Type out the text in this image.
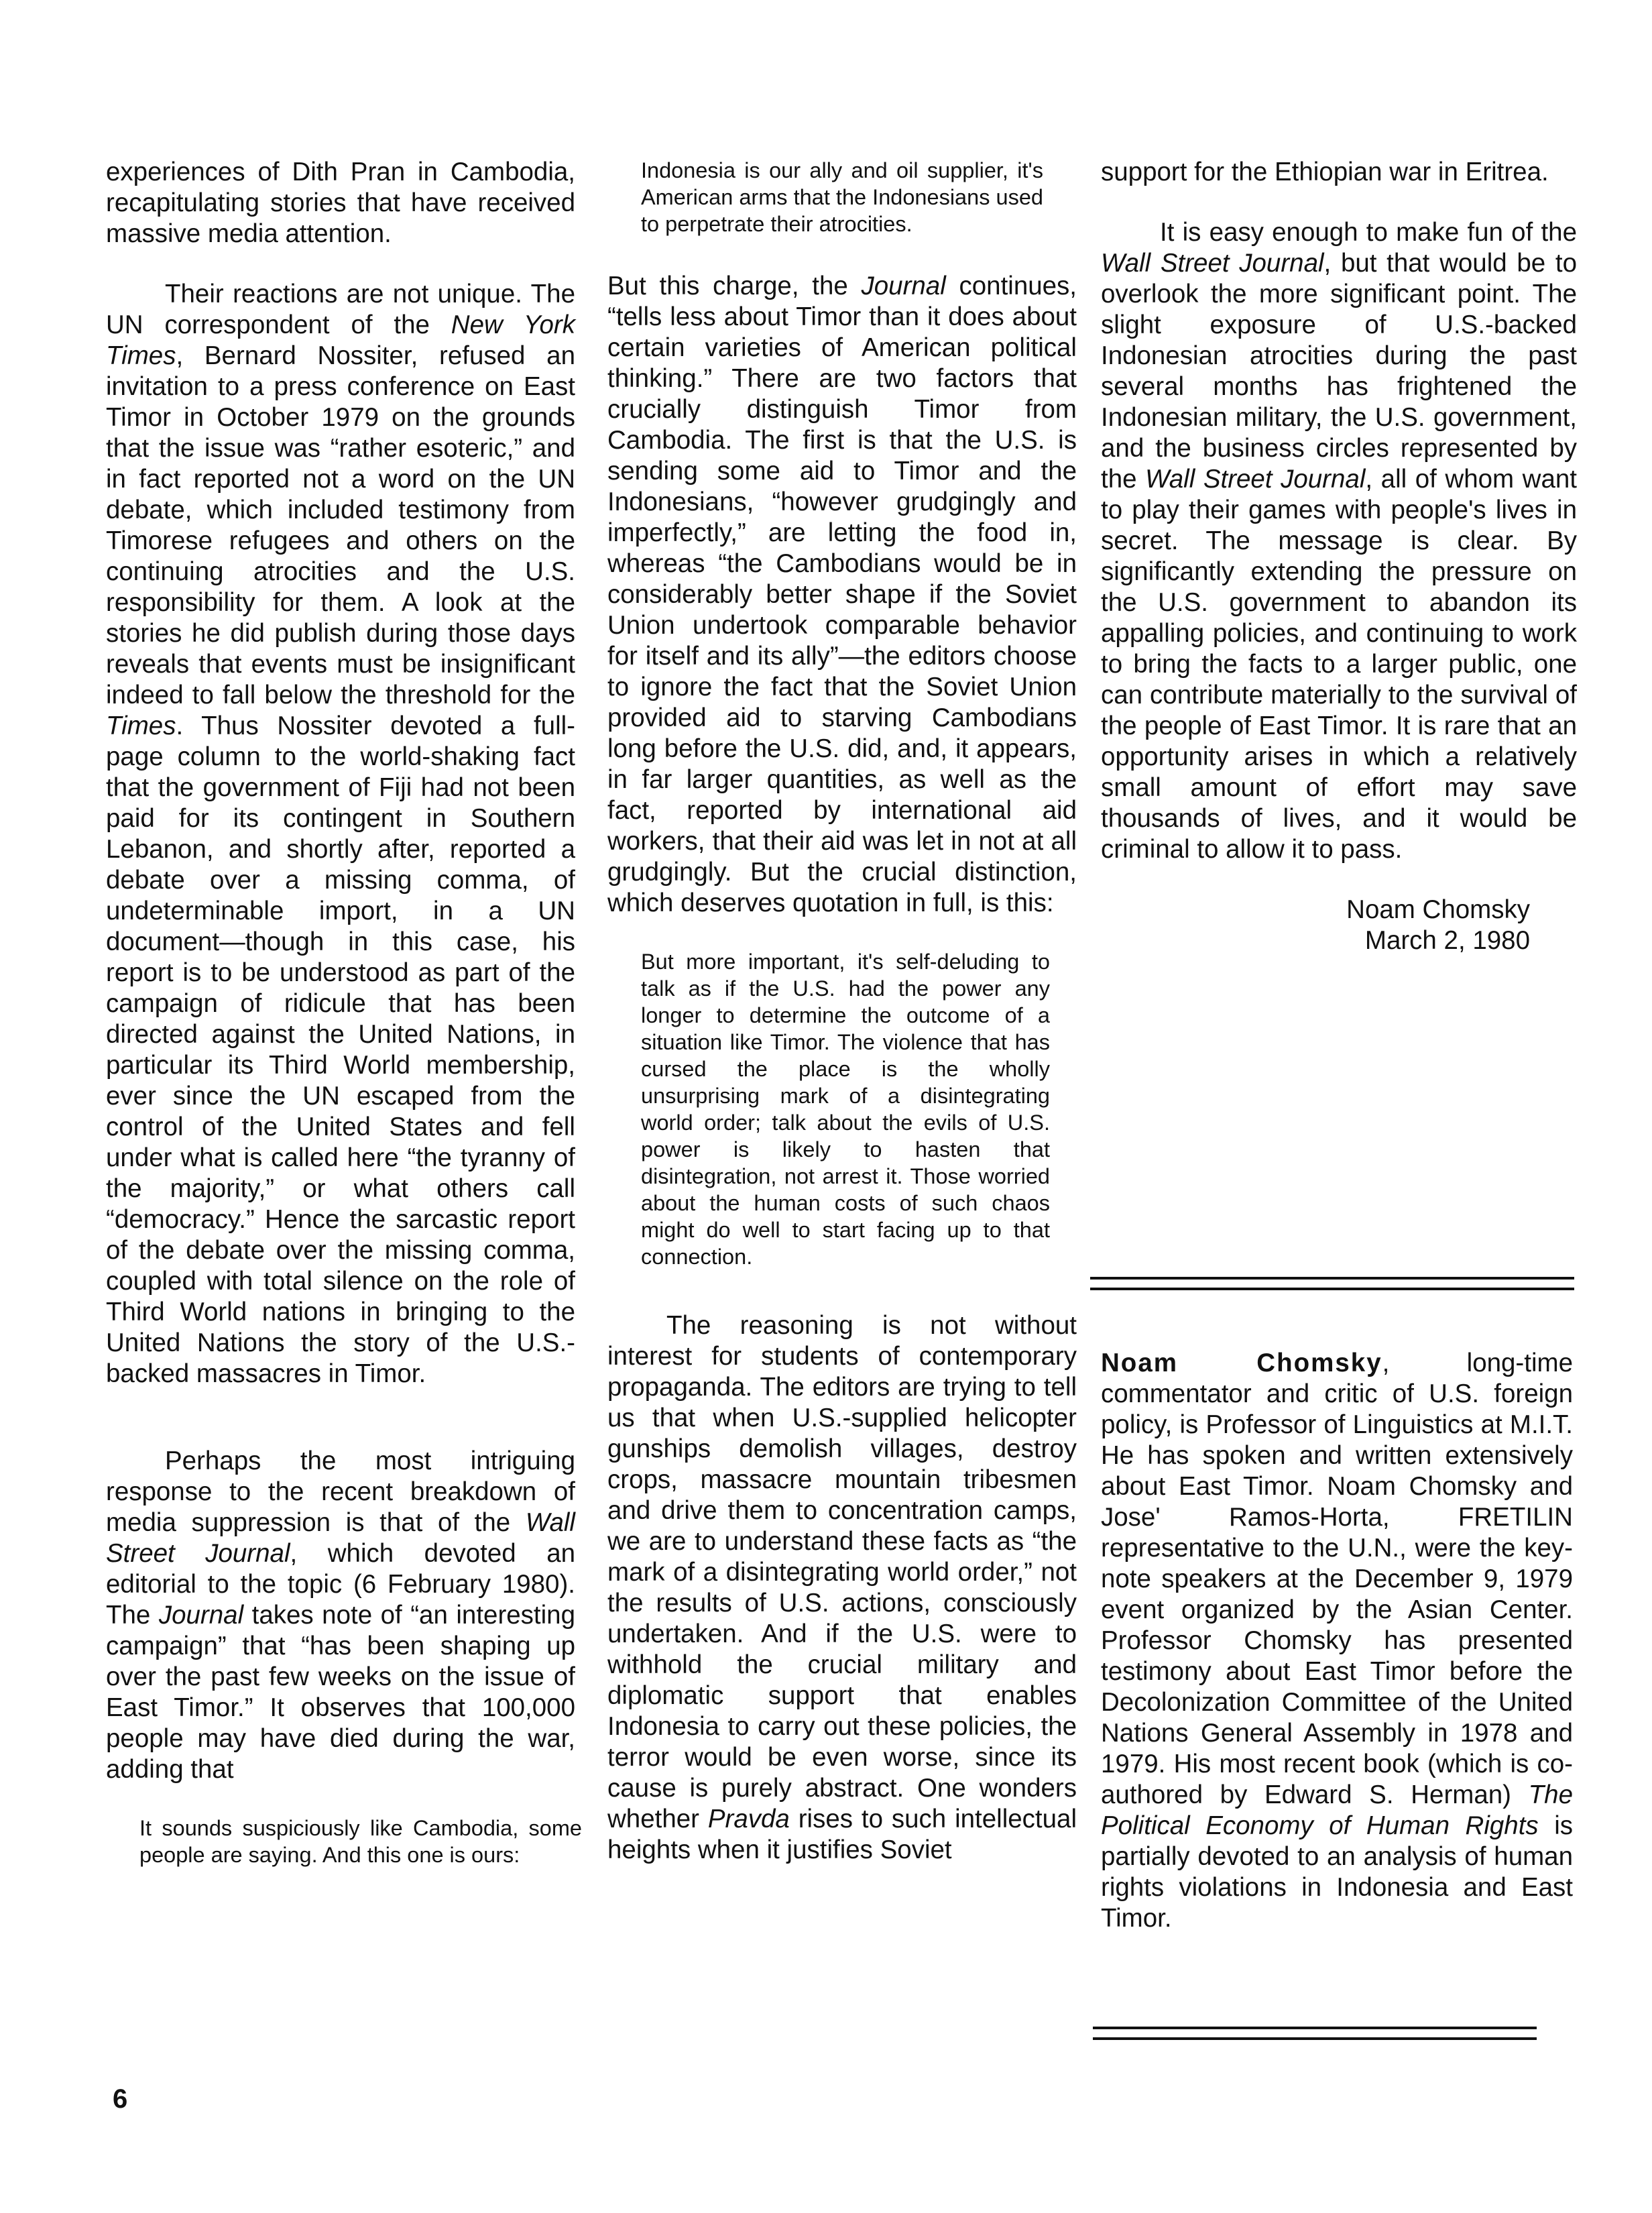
experiences of Dith Pran in Cambodia, recapitulating stories that have received massive media attention.

Their reactions are not unique. The UN correspondent of the New York Times, Bernard Nossiter, refused an invitation to a press conference on East Timor in October 1979 on the grounds that the issue was “rather esoteric,” and in fact reported not a word on the UN debate, which included testimony from Timorese refugees and others on the continuing atrocities and the U.S. responsibility for them. A look at the stories he did publish during those days reveals that events must be insignificant indeed to fall below the threshold for the Times. Thus Nossiter devoted a full-page column to the world-shaking fact that the government of Fiji had not been paid for its contingent in Southern Lebanon, and shortly after, reported a debate over a missing comma, of undeterminable import, in a UN document—though in this case, his report is to be understood as part of the campaign of ridicule that has been directed against the United Nations, in particular its Third World membership, ever since the UN escaped from the control of the United States and fell under what is called here “the tyranny of the majority,” or what others call “democracy.” Hence the sarcastic report of the debate over the missing comma, coupled with total silence on the role of Third World nations in bringing to the United Nations the story of the U.S.-backed massacres in Timor.

Perhaps the most intriguing response to the recent breakdown of media suppression is that of the Wall Street Journal, which devoted an editorial to the topic (6 February 1980). The Journal takes note of “an interesting campaign” that “has been shaping up over the past few weeks on the issue of East Timor.” It observes that 100,000 people may have died during the war, adding that

It sounds suspiciously like Cambodia, some people are saying. And this one is ours:

Indonesia is our ally and oil supplier, it's American arms that the Indonesians used to perpetrate their atrocities.

But this charge, the Journal continues, “tells less about Timor than it does about certain varieties of American political thinking.” There are two factors that crucially distinguish Timor from Cambodia. The first is that the U.S. is sending some aid to Timor and the Indonesians, “however grudgingly and imperfectly,” are letting the food in, whereas “the Cambodians would be in considerably better shape if the Soviet Union undertook comparable behavior for itself and its ally”—the editors choose to ignore the fact that the Soviet Union provided aid to starving Cambodians long before the U.S. did, and, it appears, in far larger quantities, as well as the fact, reported by international aid workers, that their aid was let in not at all grudgingly. But the crucial distinction, which deserves quotation in full, is this:

But more important, it's self-deluding to talk as if the U.S. had the power any longer to determine the outcome of a situation like Timor. The violence that has cursed the place is the wholly unsurprising mark of a disintegrating world order; talk about the evils of U.S. power is likely to hasten that disintegration, not arrest it. Those worried about the human costs of such chaos might do well to start facing up to that connection.

The reasoning is not without interest for students of contemporary propaganda. The editors are trying to tell us that when U.S.-supplied helicopter gunships demolish villages, destroy crops, massacre mountain tribesmen and drive them to concentration camps, we are to understand these facts as “the mark of a disintegrating world order,” not the results of U.S. actions, consciously undertaken. And if the U.S. were to withhold the crucial military and diplomatic support that enables Indonesia to carry out these policies, the terror would be even worse, since its cause is purely abstract. One wonders whether Pravda rises to such intellectual heights when it justifies Soviet

support for the Ethiopian war in Eritrea.

It is easy enough to make fun of the Wall Street Journal, but that would be to overlook the more significant point. The slight exposure of U.S.-backed Indonesian atrocities during the past several months has frightened the Indonesian military, the U.S. government, and the business circles represented by the Wall Street Journal, all of whom want to play their games with people's lives in secret. The message is clear. By significantly extending the pressure on the U.S. government to abandon its appalling policies, and continuing to work to bring the facts to a larger public, one can contribute materially to the survival of the people of East Timor. It is rare that an opportunity arises in which a relatively small amount of effort may save thousands of lives, and it would be criminal to allow it to pass.

Noam Chomsky

March 2, 1980

Noam Chomsky, long-time commentator and critic of U.S. foreign policy, is Professor of Linguistics at M.I.T. He has spoken and written extensively about East Timor. Noam Chomsky and Jose' Ramos-Horta, FRETILIN representative to the U.N., were the key-note speakers at the December 9, 1979 event organized by the Asian Center. Professor Chomsky has presented testimony about East Timor before the Decolonization Committee of the United Nations General Assembly in 1978 and 1979. His most recent book (which is co-authored by Edward S. Herman) The Political Economy of Human Rights is partially devoted to an analysis of human rights violations in Indonesia and East Timor.

6
